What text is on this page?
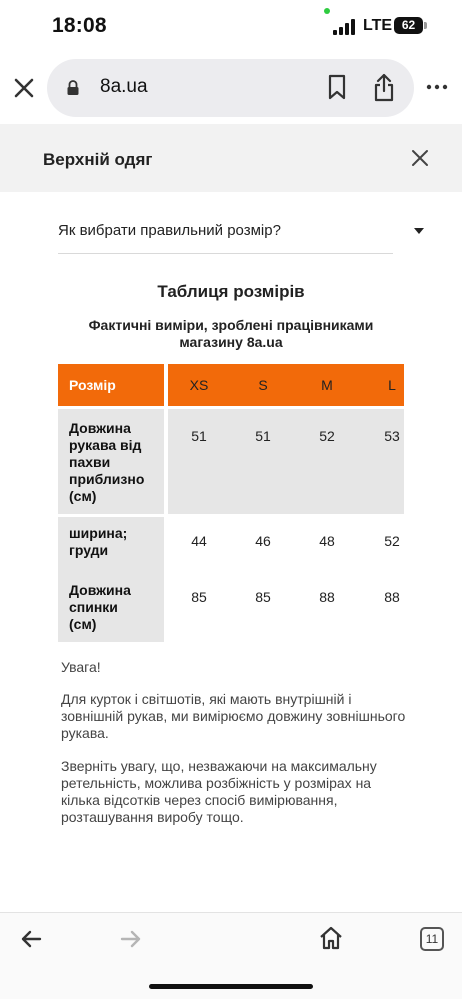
18:08	LTE 62
8a.ua
Верхній одяг
Як вибрати правильний розмір?
Таблиця розмірів
Фактичні виміри, зроблені працівниками магазину 8a.ua
Розмір	XS	S	M	L
Довжина рукава від пахви приблизно (см)
51	51	52	53
ширина; груди
44	46	48	52
Довжина спинки (см)
85	85	88	88
Увага!
Для курток і світшотів, які мають внутрішній і зовнішній рукав, ми вимірюємо довжину зовнішнього рукава.
Зверніть увагу, що, незважаючи на максимальну ретельність, можлива розбіжність у розмірах на кілька відсотків через спосіб вимірювання, розташування виробу тощо.
11
